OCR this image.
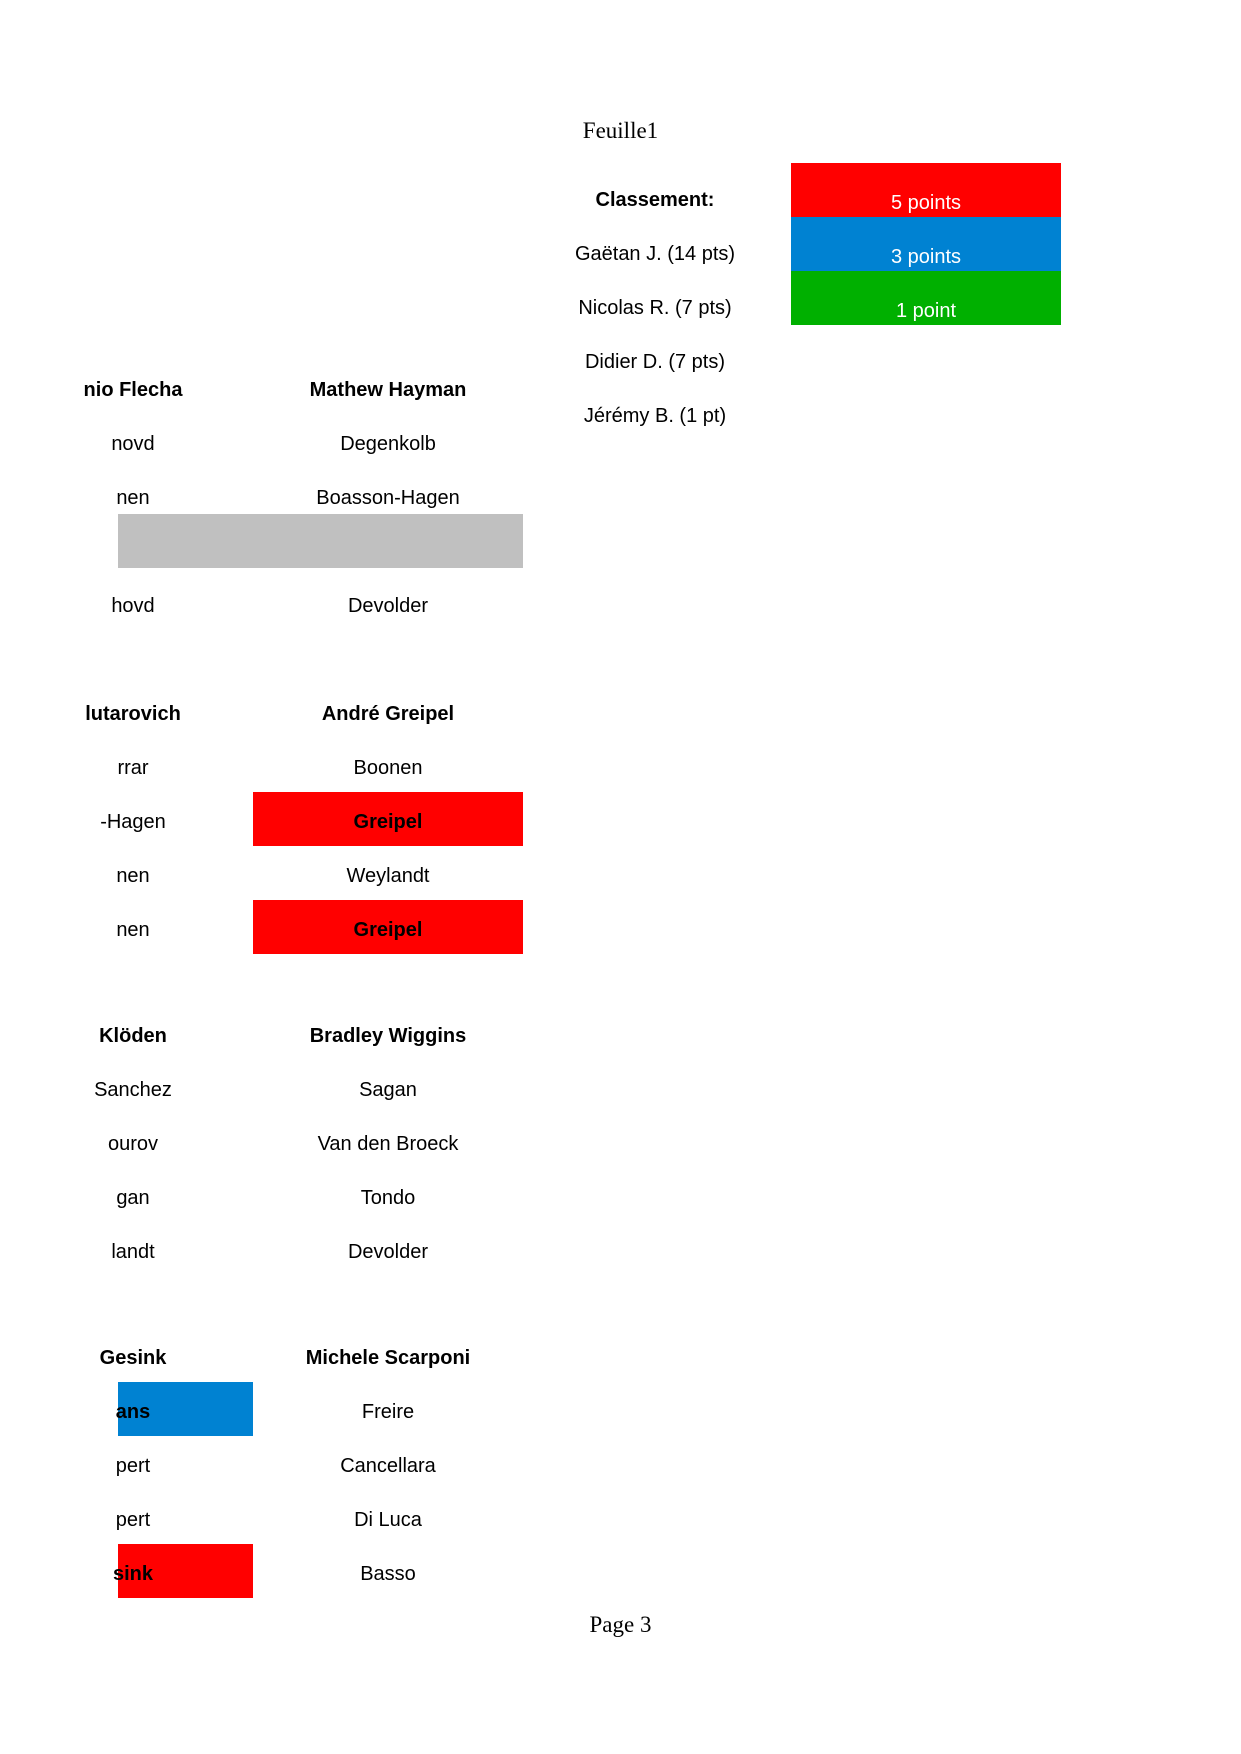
Feuille1
Classement:
Gaëtan J. (14 pts)
Nicolas R. (7 pts)
Didier D. (7 pts)
Jérémy B. (1 pt)
5 points
3 points
1 point
nio Flecha
novd
nen
hovd
lutarovich
rrar
-Hagen
nen
nen
Klöden
Sanchez
ourov
gan
landt
Gesink
ans
pert
pert
sink
Mathew Hayman
Degenkolb
Boasson-Hagen
Devolder
André Greipel
Boonen
Greipel
Weylandt
Greipel
Bradley Wiggins
Sagan
Van den Broeck
Tondo
Devolder
Michele Scarponi
Freire
Cancellara
Di Luca
Basso
Page 3
